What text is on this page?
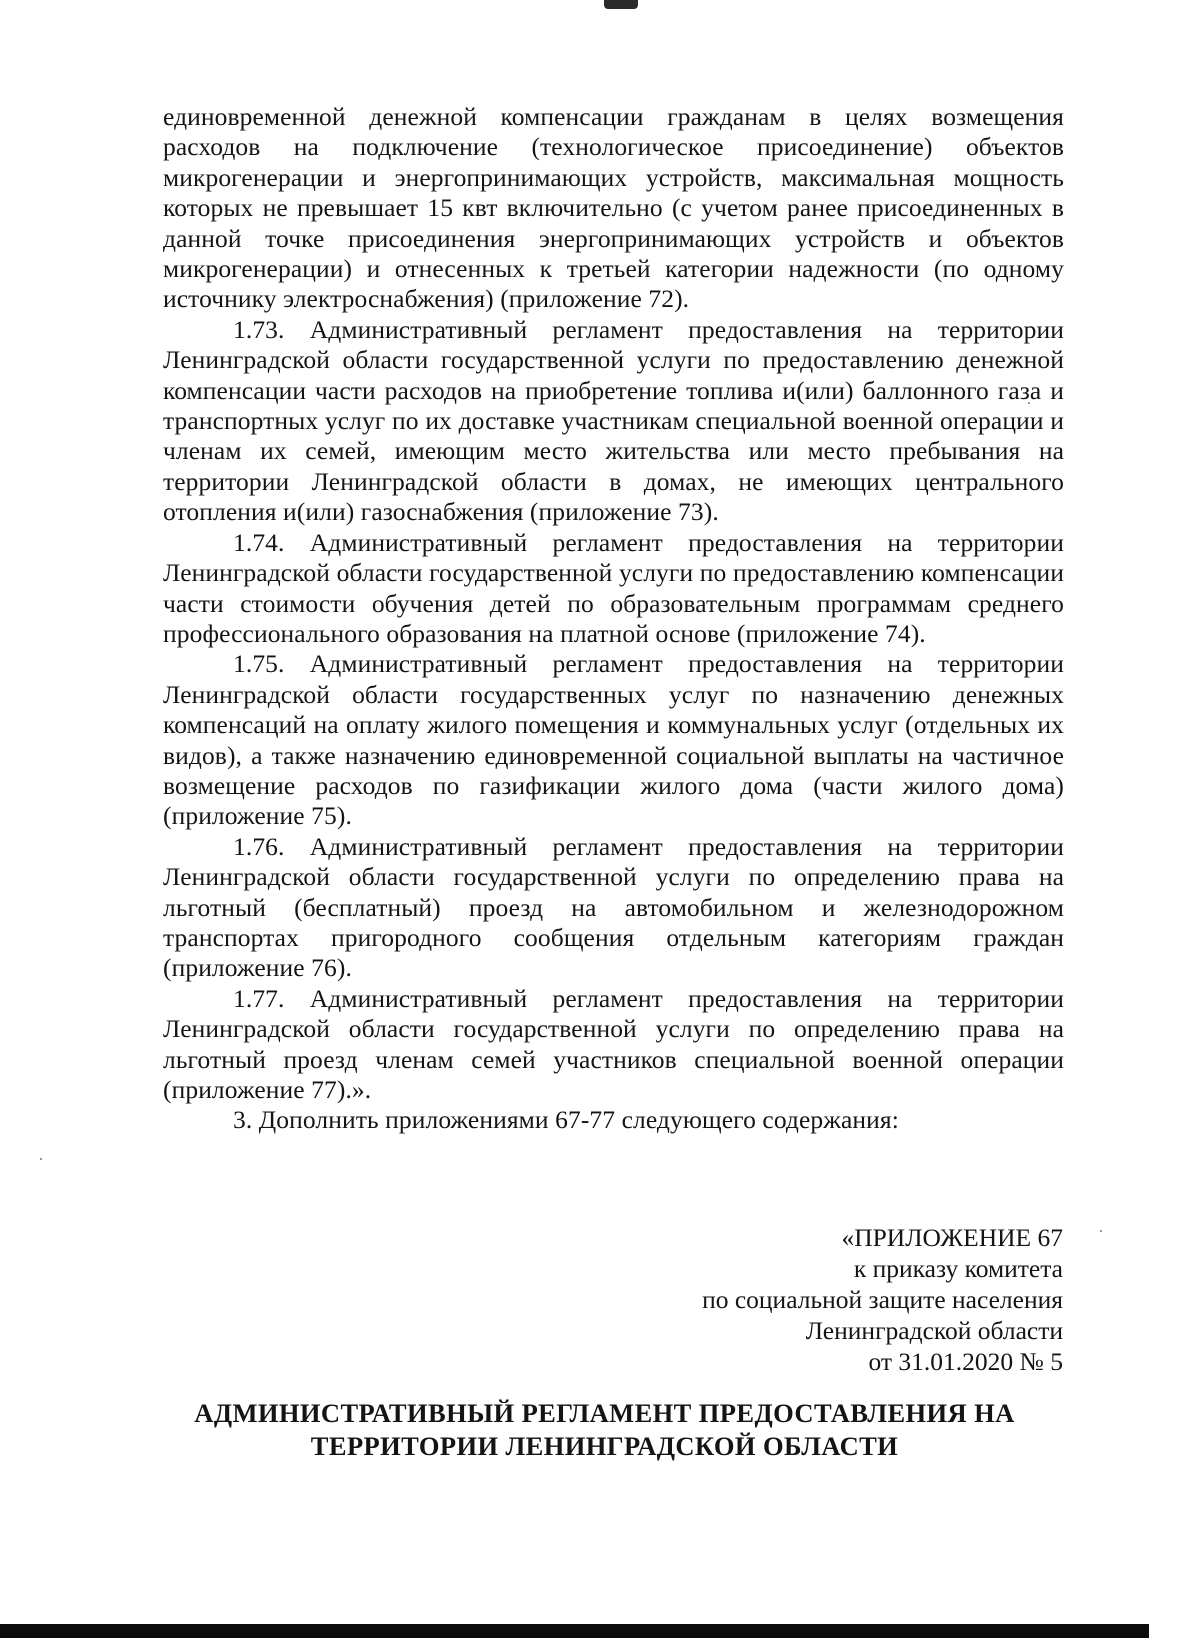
единовременной денежной компенсации гражданам в целях возмещения расходов на подключение (технологическое присоединение) объектов микрогенерации и энергопринимающих устройств, максимальная мощность которых не превышает 15 квт включительно (с учетом ранее присоединенных в данной точке присоединения энергопринимающих устройств и объектов микрогенерации) и отнесенных к третьей категории надежности (по одному источнику электроснабжения) (приложение 72).

1.73. Административный регламент предоставления на территории Ленинградской области государственной услуги по предоставлению денежной компенсации части расходов на приобретение топлива и(или) баллонного газа и транспортных услуг по их доставке участникам специальной военной операции и членам их семей, имеющим место жительства или место пребывания на территории Ленинградской области в домах, не имеющих центрального отопления и(или) газоснабжения (приложение 73).

1.74. Административный регламент предоставления на территории Ленинградской области государственной услуги по предоставлению компенсации части стоимости обучения детей по образовательным программам среднего профессионального образования на платной основе (приложение 74).

1.75. Административный регламент предоставления на территории Ленинградской области государственных услуг по назначению денежных компенсаций на оплату жилого помещения и коммунальных услуг (отдельных их видов), а также назначению единовременной социальной выплаты на частичное возмещение расходов по газификации жилого дома (части жилого дома) (приложение 75).

1.76. Административный регламент предоставления на территории Ленинградской области государственной услуги по определению права на льготный (бесплатный) проезд на автомобильном и железнодорожном транспортах пригородного сообщения отдельным категориям граждан (приложение 76).

1.77. Административный регламент предоставления на территории Ленинградской области государственной услуги по определению права на льготный проезд членам семей участников специальной военной операции (приложение 77).».

3. Дополнить приложениями 67-77 следующего содержания:

«ПРИЛОЖЕНИЕ 67
к приказу комитета
по социальной защите населения
Ленинградской области
от 31.01.2020 № 5
АДМИНИСТРАТИВНЫЙ РЕГЛАМЕНТ ПРЕДОСТАВЛЕНИЯ НА
ТЕРРИТОРИИ ЛЕНИНГРАДСКОЙ ОБЛАСТИ
